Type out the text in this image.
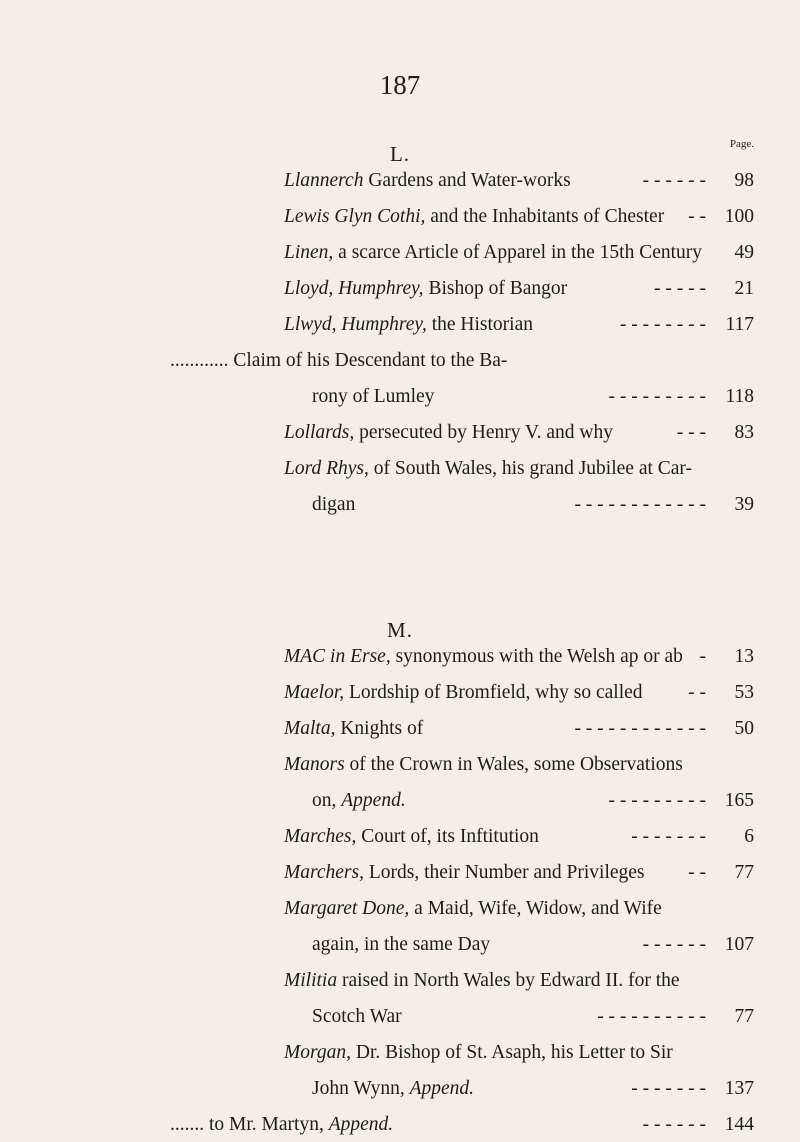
187
L.	Page.
Llannerch Gardens and Water-works	- - - - - -	98
Lewis Glyn Cothi, and the Inhabitants of Chester - - 100
Linen, a scarce Article of Apparel in the 15th Century	49
Lloyd, Humphrey, Bishop of Bangor	- - - - -	21
Llwyd, Humphrey, the Historian	- - - - - - - - 117
............ Claim of his Descendant to the Ba-
rony of Lumley	- - - - - - - - - 118
Lollards, persecuted by Henry V. and why	- - -	83
Lord Rhys, of South Wales, his grand Jubilee at Car-
digan	- - - - - - - - - - - -	39
M.
MAC in Erse, synonymous with the Welsh ap or ab -	13
Maelor, Lordship of Bromfield, why so called - -	53
Malta, Knights of	- - - - - - - - - - - -	50
Manors of the Crown in Wales, some Observations
on, Append.	- - - - - - - - - 165
Marches, Court of, its Inftitution	- - - - - - -	6
Marchers, Lords, their Number and Privileges - -	77
Margaret Done, a Maid, Wife, Widow, and Wife
again, in the same Day	- - - - - - 107
Militia raised in North Wales by Edward II. for the
Scotch War	- - - - - - - - - -	77
Morgan, Dr. Bishop of St. Asaph, his Letter to Sir
John Wynn, Append.	- - - - - - - 137
....... to Mr. Martyn, Append.	- - - - - - 144
